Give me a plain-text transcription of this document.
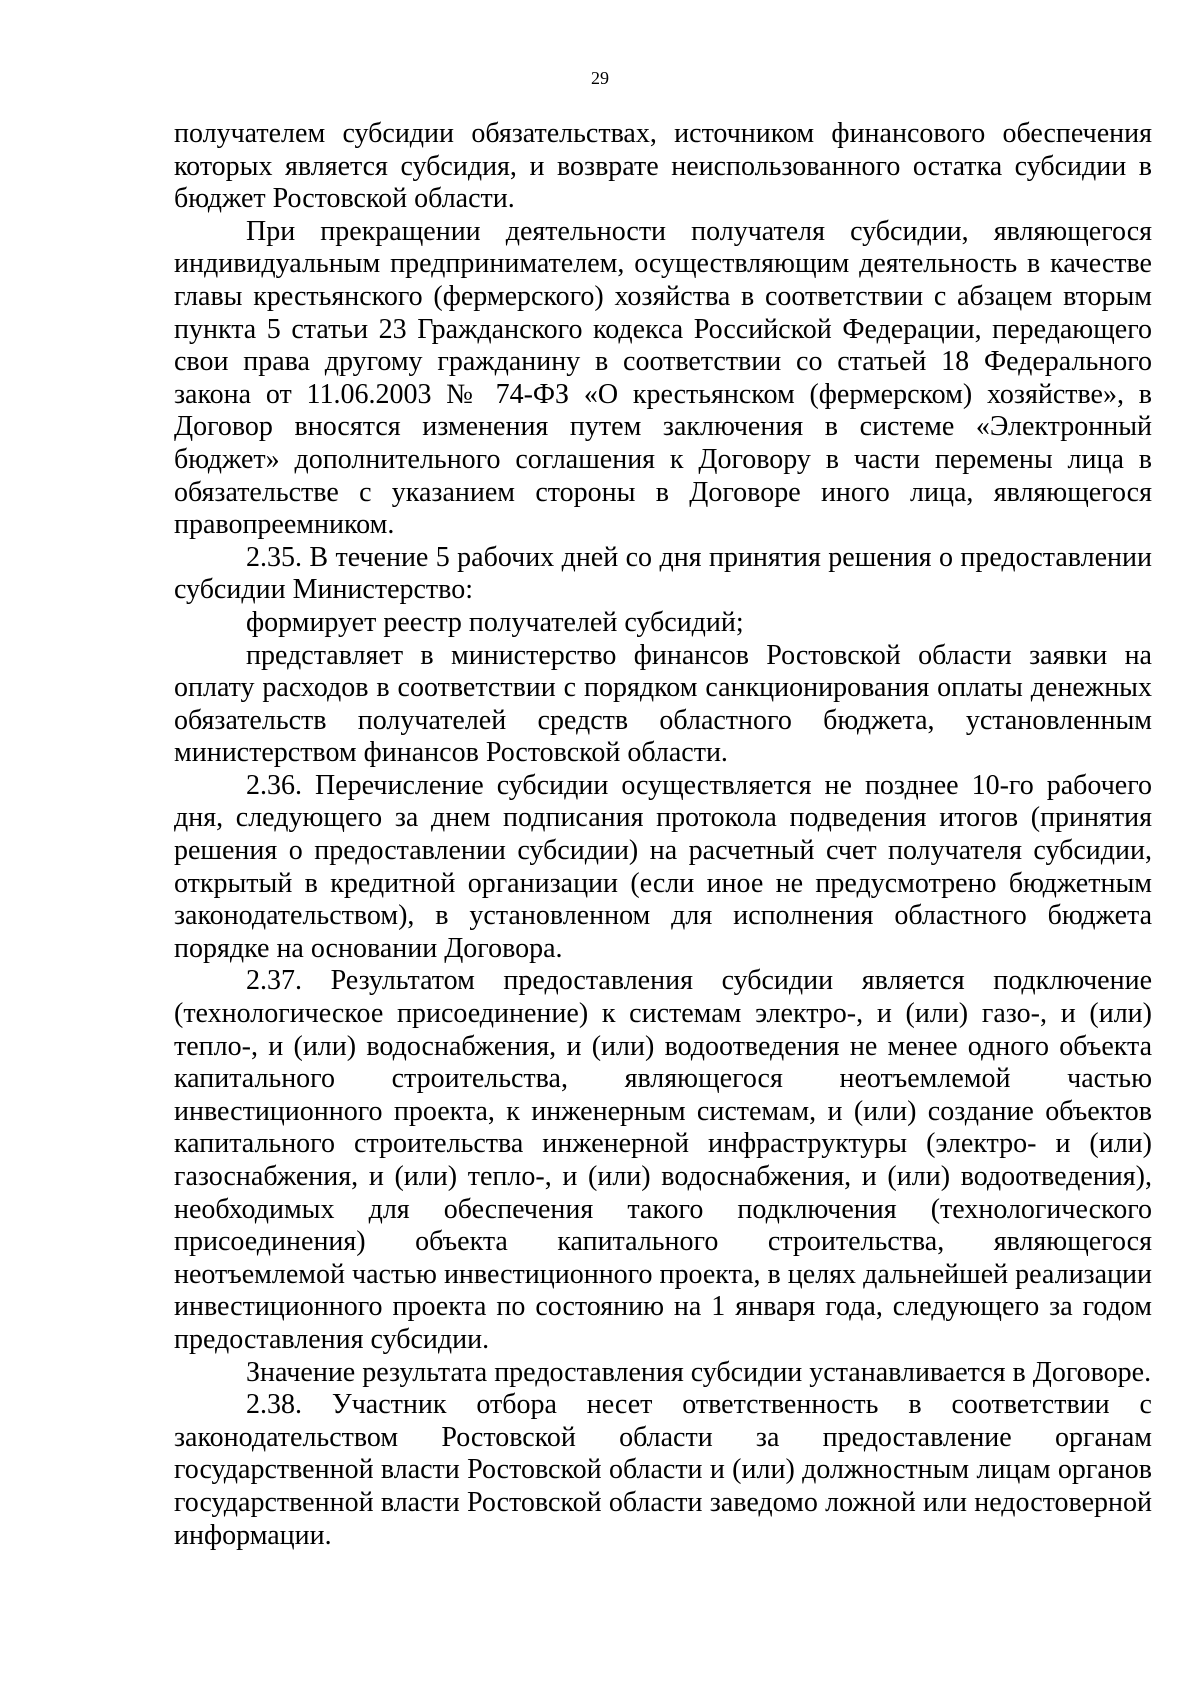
29

получателем субсидии обязательствах, источником финансового обеспечения которых является субсидия, и возврате неиспользованного остатка субсидии в бюджет Ростовской области.

При прекращении деятельности получателя субсидии, являющегося индивидуальным предпринимателем, осуществляющим деятельность в качестве главы крестьянского (фермерского) хозяйства в соответствии с абзацем вторым пункта 5 статьи 23 Гражданского кодекса Российской Федерации, передающего свои права другому гражданину в соответствии со статьей 18 Федерального закона от 11.06.2003 № 74-ФЗ «О крестьянском (фермерском) хозяйстве», в Договор вносятся изменения путем заключения в системе «Электронный бюджет» дополнительного соглашения к Договору в части перемены лица в обязательстве с указанием стороны в Договоре иного лица, являющегося правопреемником.

2.35. В течение 5 рабочих дней со дня принятия решения о предоставлении субсидии Министерство:

формирует реестр получателей субсидий;

представляет в министерство финансов Ростовской области заявки на оплату расходов в соответствии с порядком санкционирования оплаты денежных обязательств получателей средств областного бюджета, установленным министерством финансов Ростовской области.

2.36. Перечисление субсидии осуществляется не позднее 10-го рабочего дня, следующего за днем подписания протокола подведения итогов (принятия решения о предоставлении субсидии) на расчетный счет получателя субсидии, открытый в кредитной организации (если иное не предусмотрено бюджетным законодательством), в установленном для исполнения областного бюджета порядке на основании Договора.

2.37. Результатом предоставления субсидии является подключение (технологическое присоединение) к системам электро-, и (или) газо-, и (или) тепло-, и (или) водоснабжения, и (или) водоотведения не менее одного объекта капитального строительства, являющегося неотъемлемой частью инвестиционного проекта, к инженерным системам, и (или) создание объектов капитального строительства инженерной инфраструктуры (электро- и (или) газоснабжения, и (или) тепло-, и (или) водоснабжения, и (или) водоотведения), необходимых для обеспечения такого подключения (технологического присоединения) объекта капитального строительства, являющегося неотъемлемой частью инвестиционного проекта, в целях дальнейшей реализации инвестиционного проекта по состоянию на 1 января года, следующего за годом предоставления субсидии.

Значение результата предоставления субсидии устанавливается в Договоре.

2.38. Участник отбора несет ответственность в соответствии с законодательством Ростовской области за предоставление органам государственной власти Ростовской области и (или) должностным лицам органов государственной власти Ростовской области заведомо ложной или недостоверной информации.
